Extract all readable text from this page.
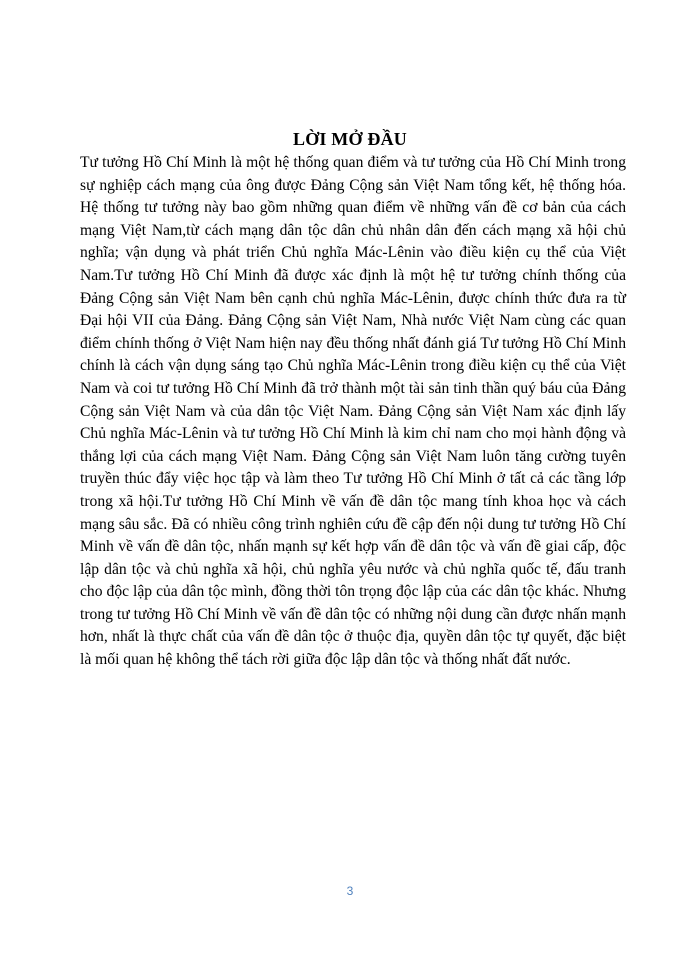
LỜI MỞ ĐẦU

Tư tưởng Hồ Chí Minh là một hệ thống quan điểm và tư tưởng của Hồ Chí Minh trong sự nghiệp cách mạng của ông được Đảng Cộng sản Việt Nam tổng kết, hệ thống hóa. Hệ thống tư tưởng này bao gồm những quan điểm về những vấn đề cơ bản của cách mạng Việt Nam,từ cách mạng dân tộc dân chủ nhân dân đến cách mạng xã hội chủ nghĩa; vận dụng và phát triển Chủ nghĩa Mác-Lênin vào điều kiện cụ thể của Việt Nam.Tư tưởng Hồ Chí Minh đã được xác định là một hệ tư tưởng chính thống của Đảng Cộng sản Việt Nam bên cạnh chủ nghĩa Mác-Lênin, được chính thức đưa ra từ Đại hội VII của Đảng. Đảng Cộng sản Việt Nam, Nhà nước Việt Nam cùng các quan điểm chính thống ở Việt Nam hiện nay đều thống nhất đánh giá Tư tưởng Hồ Chí Minh chính là cách vận dụng sáng tạo Chủ nghĩa Mác-Lênin trong điều kiện cụ thể của Việt Nam và coi tư tưởng Hồ Chí Minh đã trở thành một tài sản tinh thần quý báu của Đảng Cộng sản Việt Nam và của dân tộc Việt Nam. Đảng Cộng sản Việt Nam xác định lấy Chủ nghĩa Mác-Lênin và tư tưởng Hồ Chí Minh là kim chỉ nam cho mọi hành động và thắng lợi của cách mạng Việt Nam. Đảng Cộng sản Việt Nam luôn tăng cường tuyên truyền thúc đẩy việc học tập và làm theo Tư tưởng Hồ Chí Minh ở tất cả các tầng lớp trong xã hội.Tư tưởng Hồ Chí Minh về vấn đề dân tộc mang tính khoa học và cách mạng sâu sắc. Đã có nhiều công trình nghiên cứu đề cập đến nội dung tư tưởng Hồ Chí Minh về vấn đề dân tộc, nhấn mạnh sự kết hợp vấn đề dân tộc và vấn đề giai cấp, độc lập dân tộc và chủ nghĩa xã hội, chủ nghĩa yêu nước và chủ nghĩa quốc tế, đấu tranh cho độc lập của dân tộc mình, đồng thời tôn trọng độc lập của các dân tộc khác. Nhưng trong tư tưởng Hồ Chí Minh về vấn đề dân tộc có những nội dung cần được nhấn mạnh hơn, nhất là thực chất của vấn đề dân tộc ở thuộc địa, quyền dân tộc tự quyết, đặc biệt là mối quan hệ không thể tách rời giữa độc lập dân tộc và thống nhất đất nước.

3
